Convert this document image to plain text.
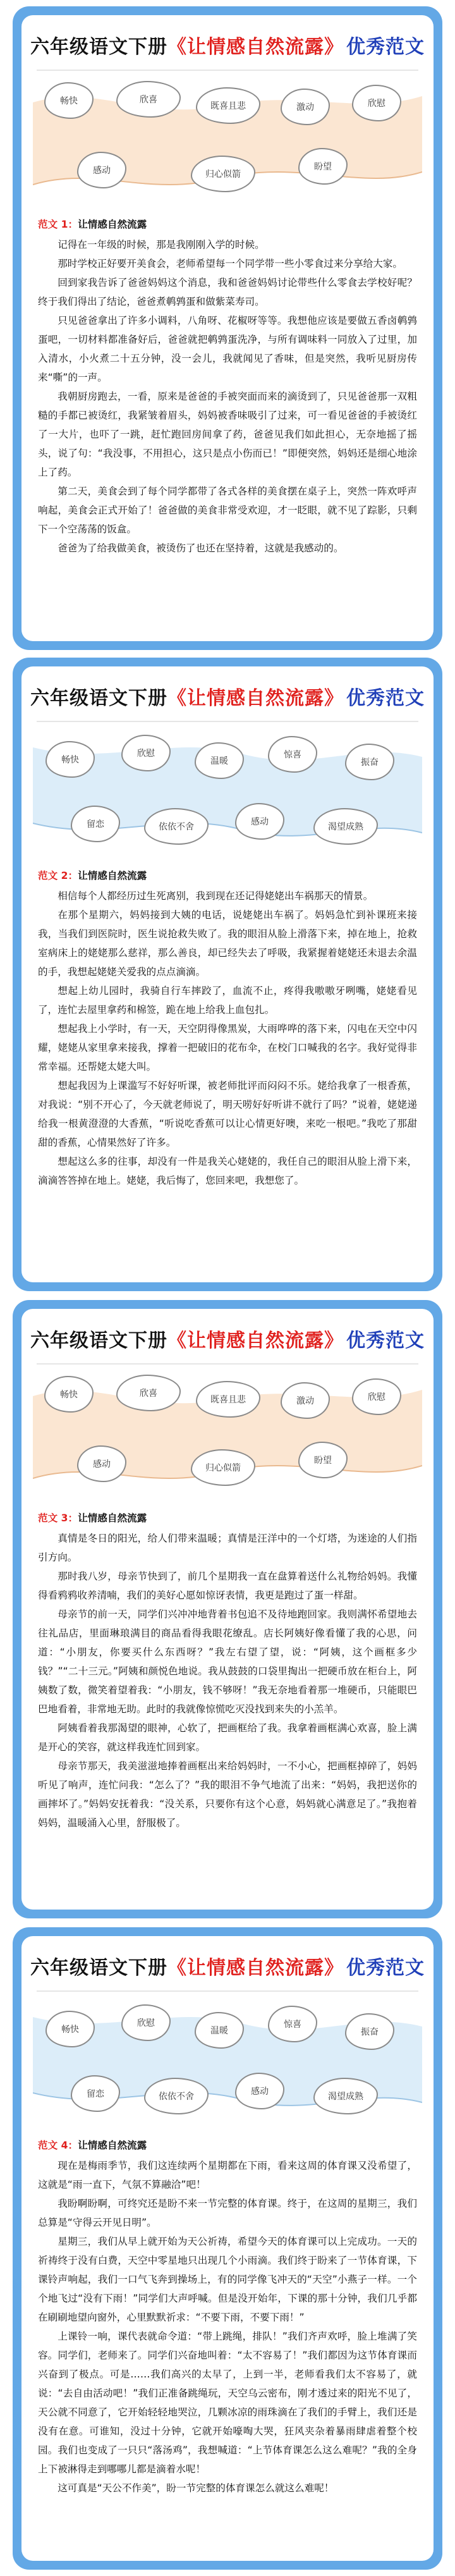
六年级语文下册 《让情感自然流露》 优秀范文
畅快	欣喜
既喜且悲	激动	欣慰
感动	归心似箭
盼望
范文 1：让情感自然流露

记得在一年级的时候，那是我刚刚入学的时候。

那时学校正好要开美食会，老师希望每一个同学带一些小零食过来分享给大家。

回到家我告诉了爸爸妈妈这个消息，我和爸爸妈妈讨论带些什么零食去学校好呢？终于我们得出了结论，爸爸煮鹌鹑蛋和做紫菜寿司。

只见爸爸拿出了许多小调料，八角呀、花椒呀等等。我想他应该是要做五香卤鹌鹑蛋吧，一切材料都准备好后，爸爸就把鹌鹑蛋洗净，与所有调味料一同放入了过里，加入清水，小火煮二十五分钟，没一会儿，我就闻见了香味，但是突然，我听见厨房传来“嘶”的一声。

我朝厨房跑去，一看，原来是爸爸的手被突面而来的滴烫到了，只见爸爸那一双粗糙的手都已被烫红，我紧皱着眉头，妈妈被香味吸引了过来，可一看见爸爸的手被烫红了一大片，也吓了一跳，赶忙跑回房间拿了药，爸爸见我们如此担心，无奈地摇了摇头，说了句：“我没事，不用担心，这只是点小伤而已！”即便突然，妈妈还是细心地涂上了药。

第二天，美食会到了每个同学都带了各式各样的美食摆在桌子上，突然一阵欢呼声响起，美食会正式开始了！爸爸做的美食非常受欢迎，才一眨眼，就不见了踪影，只剩下一个空荡荡的饭盒。

爸爸为了给我做美食，被烫伤了也还在坚持着，这就是我感动的。

六年级语文下册 《让情感自然流露》 优秀范文
畅快
欣慰
温暖
惊喜
振奋
留恋	依依不舍	感动	渴望成熟
范文 2：让情感自然流露

相信每个人都经历过生死离别，我到现在还记得姥姥出车祸那天的情景。

在那个星期六，妈妈接到大姨的电话，说姥姥出车祸了。妈妈急忙到补课班来接我，当我们到医院时，医生说抢救失败了。我的眼泪从脸上滑落下来，掉在地上，抢救室病床上的姥姥那么慈祥，那么善良，却已经失去了呼吸，我紧握着姥姥还未退去余温的手，我想起姥姥关爱我的点点滴滴。

想起上幼儿园时，我骑自行车摔跤了，血流不止，疼得我嗷嗷牙咧嘴，姥姥看见了，连忙去屋里拿药和棉签，跪在地上给我上血包扎。

想起我上小学时，有一天，天空阴得像黑炭，大雨哗哗的落下来，闪电在天空中闪耀，姥姥从家里拿来接我，撑着一把破旧的花布伞，在校门口喊我的名字。我好觉得非常幸福。还帮姥太姥大叫。

想起我因为上课滥写不好好听课，被老师批评而闷闷不乐。姥给我拿了一根香蕉，对我说：“别不开心了，今天就老师说了，明天唠好好听讲不就行了吗？”说着，姥姥递给我一根黄澄澄的大香蕉，“听说吃香蕉可以让心情更好噢，来吃一根吧。”我吃了那甜甜的香蕉，心情果然好了许多。

想起这么多的往事，却没有一件是我关心姥姥的，我任自己的眼泪从脸上滑下来，滴滴答答掉在地上。姥姥，我后悔了，您回来吧，我想您了。

六年级语文下册 《让情感自然流露》 优秀范文
畅快	欣喜
既喜且悲	激动	欣慰
感动	归心似箭
盼望
范文 3：让情感自然流露

真情是冬日的阳光，给人们带来温暖；真情是汪洋中的一个灯塔，为迷途的人们指引方向。

那时我八岁，母亲节快到了，前几个星期我一直在盘算着送什么礼物给妈妈。我懂得看鸦鸦收养清喃，我们的美好心愿如惊讶表情，我更是跑过了蛋一样甜。

母亲节的前一天，同学们兴冲冲地背着书包追不及待地跑回家。我则满怀希望地去往礼品店，里面琳琅满目的商品看得我眼花缭乱。店长阿姨好像看懂了我的心思，问道：“小朋友，你要买什么东西呀？”我左右望了望，说：“阿姨，这个画框多少钱？”“二十三元。”阿姨和颜悦色地说。我从鼓鼓的口袋里掏出一把硬币放在柜台上，阿姨数了数，微笑着望着我：“小朋友，钱不够呀！”我无奈地看着那一堆硬币，只能眼巴巴地看着，非常地无助。此时的我就像惊慌吃灭没找到来失的小羔羊。

阿姨看着我那渴望的眼神，心软了，把画框给了我。我拿着画框满心欢喜，脸上满是开心的笑容，就这样我连忙回到家。

母亲节那天，我美滋滋地捧着画框出来给妈妈时，一不小心，把画框掉碎了，妈妈听见了响声，连忙问我：“怎么了？”我的眼泪不争气地流了出来：“妈妈，我把送你的画摔坏了。”妈妈安抚着我：“没关系，只要你有这个心意，妈妈就心满意足了。”我抱着妈妈，温暖涌入心里，舒服极了。

六年级语文下册 《让情感自然流露》 优秀范文
畅快
欣慰
温暖
惊喜
振奋
留恋	依依不舍	感动	渴望成熟
范文 4：让情感自然流露

现在是梅雨季节，我们这连续两个星期都在下雨，看来这周的体育课又没希望了，这就是“雨一直下，气氛不算融洽”吧！

我盼啊盼啊，可终究还是盼不来一节完整的体育课。终于，在这周的星期三，我们总算是“守得云开见日明”。

星期三，我们从早上就开始为天公祈祷，希望今天的体育课可以上完成功。一天的祈祷终于没有白费，天空中零星地只出现几个小雨滴。我们终于盼来了一节体育课，下课铃声响起，我们一口气飞奔到操场上，有的同学像飞冲天的“天空”小燕子一样。一个个地飞过“没有下雨！”同学们大声呼喊。但是没开始年，下课的那十分钟，我们几乎都在刷刷地望向窗外，心里默默祈求：“不要下雨，不要下雨！”

上课铃一响，课代表就命令道：“带上跳绳，排队！”我们齐声欢呼，脸上堆满了笑容。同学们，老师来了。同学们兴奋地叫着：“太不容易了！”我们都因为这节体育课而兴奋到了极点。可是……我们高兴的太早了，上到一半，老师看我们太不容易了，就说：“去自由活动吧！”我们正准备跳绳玩，天空乌云密布，刚才透过来的阳光不见了，天公就不同意了，它开始轻轻地哭泣，几颗冰凉的雨珠滴在了我们的手臂上，我们还是没有在意。可谁知，没过十分钟，它就开始嚎啕大哭，狂风夹杂着暴雨肆虐着整个校园。我们也变成了一只只“落汤鸡”，我想喊道：“上节体育课怎么这么难呢？”我的全身上下被淋得走到哪哪儿都是滴着水呢！

这可真是“天公不作美”，盼一节完整的体育课怎么就这么难呢！
